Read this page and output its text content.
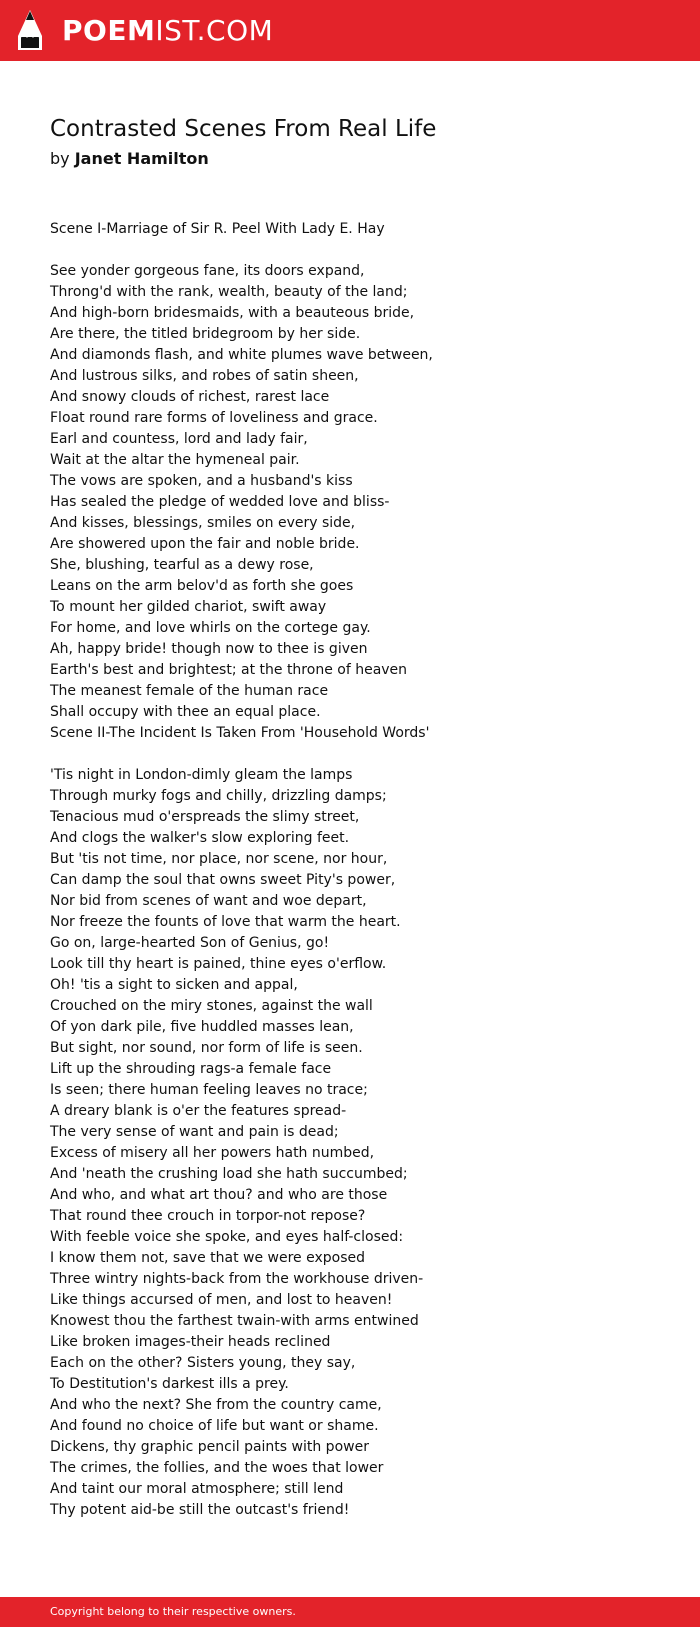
POEMIST.COM
Contrasted Scenes From Real Life
by Janet Hamilton
Scene I-Marriage of Sir R. Peel With Lady E. Hay
See yonder gorgeous fane, its doors expand,
Throng'd with the rank, wealth, beauty of the land;
And high-born bridesmaids, with a beauteous bride,
Are there, the titled bridegroom by her side.
And diamonds flash, and white plumes wave between,
And lustrous silks, and robes of satin sheen,
And snowy clouds of richest, rarest lace
Float round rare forms of loveliness and grace.
Earl and countess, lord and lady fair,
Wait at the altar the hymeneal pair.
The vows are spoken, and a husband's kiss
Has sealed the pledge of wedded love and bliss-
And kisses, blessings, smiles on every side,
Are showered upon the fair and noble bride.
She, blushing, tearful as a dewy rose,
Leans on the arm belov'd as forth she goes
To mount her gilded chariot, swift away
For home, and love whirls on the cortege gay.
Ah, happy bride! though now to thee is given
Earth's best and brightest; at the throne of heaven
The meanest female of the human race
Shall occupy with thee an equal place.
Scene II-The Incident Is Taken From 'Household Words'
'Tis night in London-dimly gleam the lamps
Through murky fogs and chilly, drizzling damps;
Tenacious mud o'erspreads the slimy street,
And clogs the walker's slow exploring feet.
But 'tis not time, nor place, nor scene, nor hour,
Can damp the soul that owns sweet Pity's power,
Nor bid from scenes of want and woe depart,
Nor freeze the founts of love that warm the heart.
Go on, large-hearted Son of Genius, go!
Look till thy heart is pained, thine eyes o'erflow.
Oh! 'tis a sight to sicken and appal,
Crouched on the miry stones, against the wall
Of yon dark pile, five huddled masses lean,
But sight, nor sound, nor form of life is seen.
Lift up the shrouding rags-a female face
Is seen; there human feeling leaves no trace;
A dreary blank is o'er the features spread-
The very sense of want and pain is dead;
Excess of misery all her powers hath numbed,
And 'neath the crushing load she hath succumbed;
And who, and what art thou? and who are those
That round thee crouch in torpor-not repose?
With feeble voice she spoke, and eyes half-closed:
I know them not, save that we were exposed
Three wintry nights-back from the workhouse driven-
Like things accursed of men, and lost to heaven!
Knowest thou the farthest twain-with arms entwined
Like broken images-their heads reclined
Each on the other? Sisters young, they say,
To Destitution's darkest ills a prey.
And who the next? She from the country came,
And found no choice of life but want or shame.
Dickens, thy graphic pencil paints with power
The crimes, the follies, and the woes that lower
And taint our moral atmosphere; still lend
Thy potent aid-be still the outcast's friend!
Copyright belong to their respective owners.
